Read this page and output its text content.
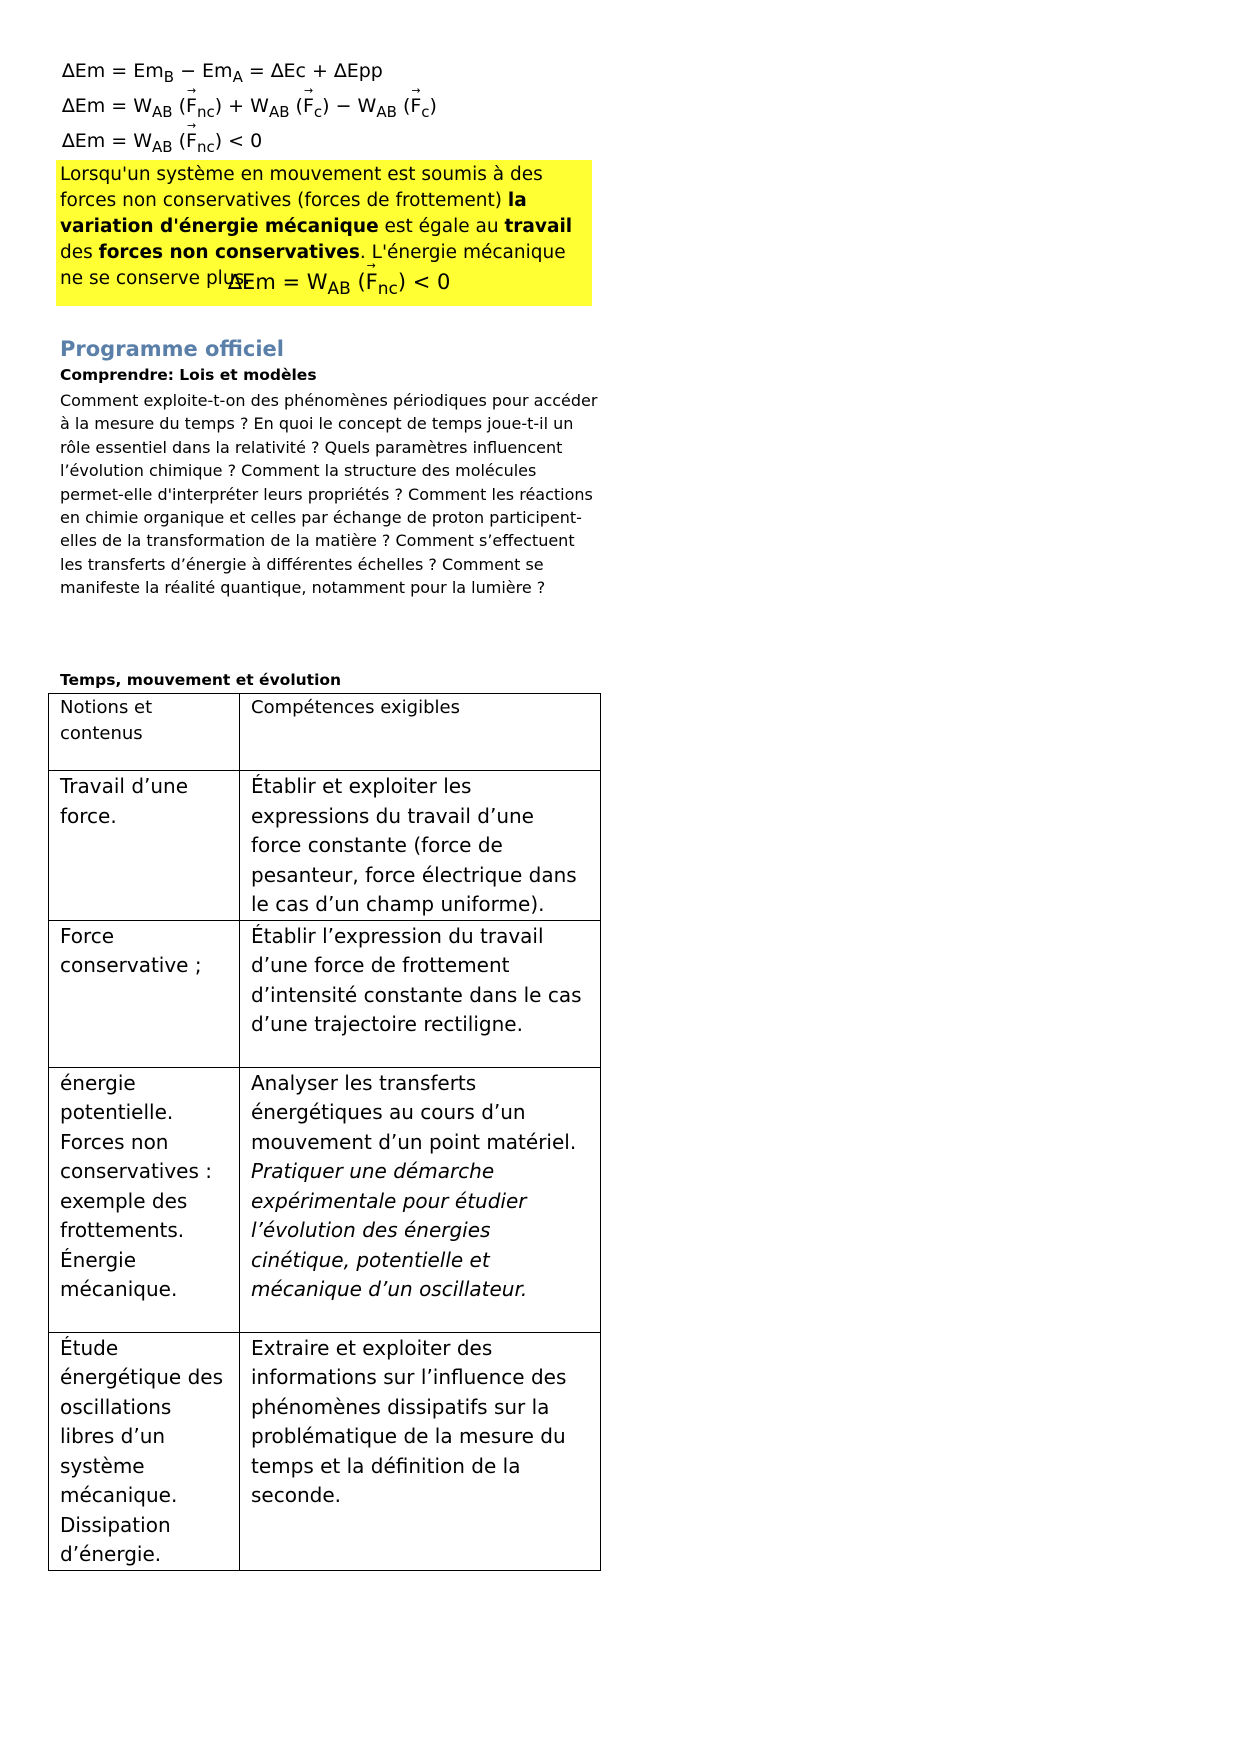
$\Delta Em = Em_B - Em_A = \Delta Ec + \Delta Epp$
$\Delta Em = W_{AB}$ (→ $F_{nc}) + W_{AB}$ (→ $F_c) - W_{AB}$ (→ $F_c$)
$\Delta Em = W_{AB}$ (→ $F_{nc}) < 0$
Lorsqu'un système en mouvement est soumis à des forces non conservatives (forces de frottement) la variation d'énergie mécanique est égale au travail des forces non conservatives. L'énergie mécanique ne se conserve plus.
$\Delta Em = W_{AB}$ (→ $F_{nc}) < 0$
Programme officiel
Comprendre: Lois et modèles
Comment exploite-t-on des phénomènes périodiques pour accéder à la mesure du temps ? En quoi le concept de temps joue-t-il un rôle essentiel dans la relativité ? Quels paramètres influencent l’évolution chimique ? Comment la structure des molécules permet-elle d'interpréter leurs propriétés ? Comment les réactions en chimie organique et celles par échange de proton participent-elles de la transformation de la matière ? Comment s’effectuent les transferts d’énergie à différentes échelles ? Comment se manifeste la réalité quantique, notamment pour la lumière ?
Temps, mouvement et évolution
Notions et contenus	Compétences exigibles
Travail d’une force.	Établir et exploiter les expressions du travail d’une force constante (force de pesanteur, force électrique dans le cas d’un champ uniforme).
Force conservative ;	Établir l’expression du travail d’une force de frottement d’intensité constante dans le cas d’une trajectoire rectiligne.
énergie potentielle. Forces non conservatives : exemple des frottements. Énergie mécanique.	Analyser les transferts énergétiques au cours d’un mouvement d’un point matériel.
Pratiquer une démarche expérimentale pour étudier l’évolution des énergies cinétique, potentielle et mécanique d’un oscillateur.
Étude énergétique des oscillations libres d’un système mécanique. Dissipation d’énergie.	Extraire et exploiter des informations sur l’influence des phénomènes dissipatifs sur la problématique de la mesure du temps et la définition de la seconde.
